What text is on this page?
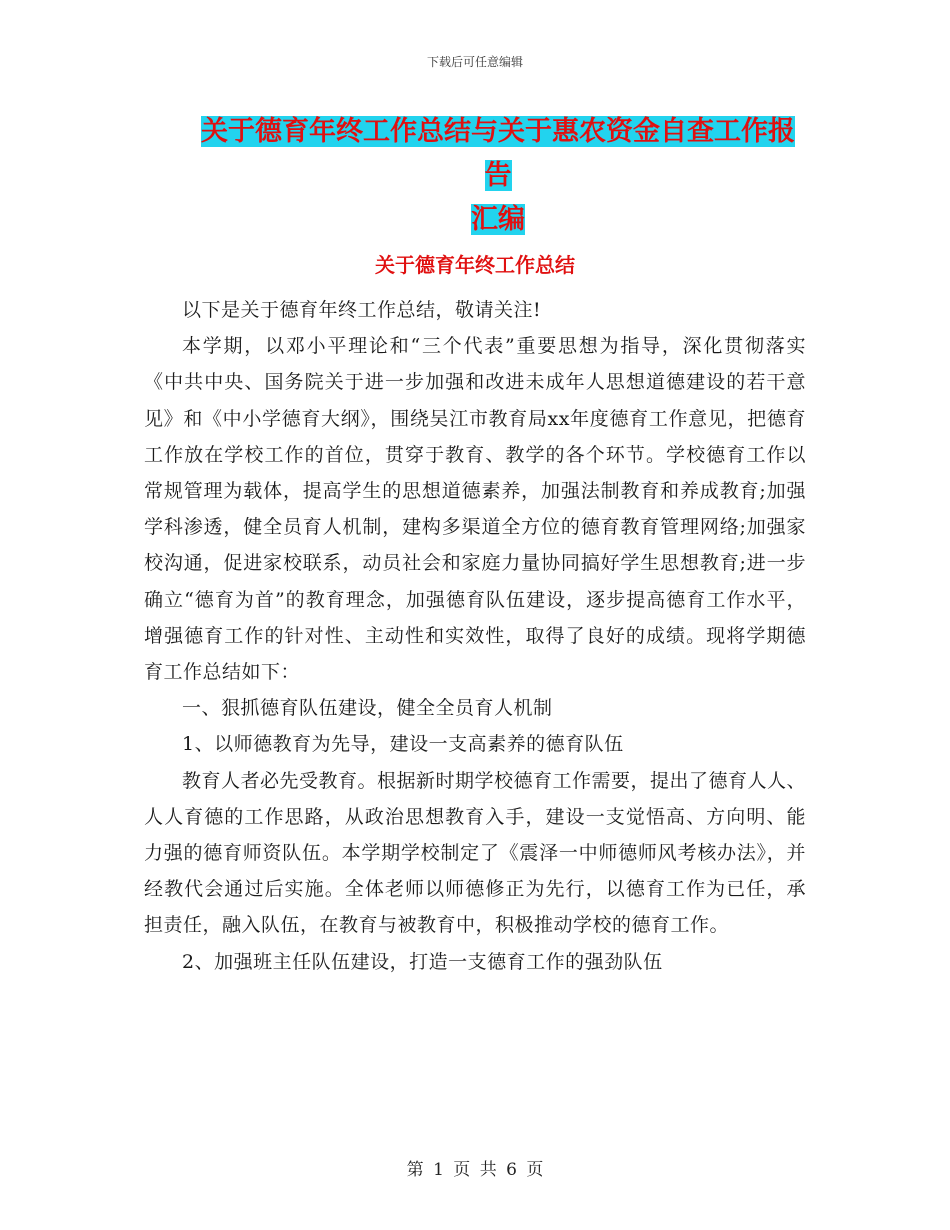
下载后可任意编辑
关于德育年终工作总结与关于惠农资金自查工作报告
汇编
关于德育年终工作总结

以下是关于德育年终工作总结，敬请关注!

本学期，以邓小平理论和“三个代表”重要思想为指导，深化贯彻落实《中共中央、国务院关于进一步加强和改进未成年人思想道德建设的若干意见》和《中小学德育大纲》，围绕吴江市教育局xx年度德育工作意见，把德育工作放在学校工作的首位，贯穿于教育、教学的各个环节。学校德育工作以常规管理为载体，提高学生的思想道德素养，加强法制教育和养成教育;加强学科渗透，健全员育人机制，建构多渠道全方位的德育教育管理网络;加强家校沟通，促进家校联系，动员社会和家庭力量协同搞好学生思想教育;进一步确立“德育为首”的教育理念，加强德育队伍建设，逐步提高德育工作水平，增强德育工作的针对性、主动性和实效性，取得了良好的成绩。现将学期德育工作总结如下：

一、狠抓德育队伍建设，健全全员育人机制

1、以师德教育为先导，建设一支高素养的德育队伍

教育人者必先受教育。根据新时期学校德育工作需要，提出了德育人人、人人育德的工作思路，从政治思想教育入手，建设一支觉悟高、方向明、能力强的德育师资队伍。本学期学校制定了《震泽一中师德师风考核办法》，并经教代会通过后实施。全体老师以师德修正为先行，以德育工作为已任，承担责任，融入队伍，在教育与被教育中，积极推动学校的德育工作。

2、加强班主任队伍建设，打造一支德育工作的强劲队伍

第 1 页 共 6 页
